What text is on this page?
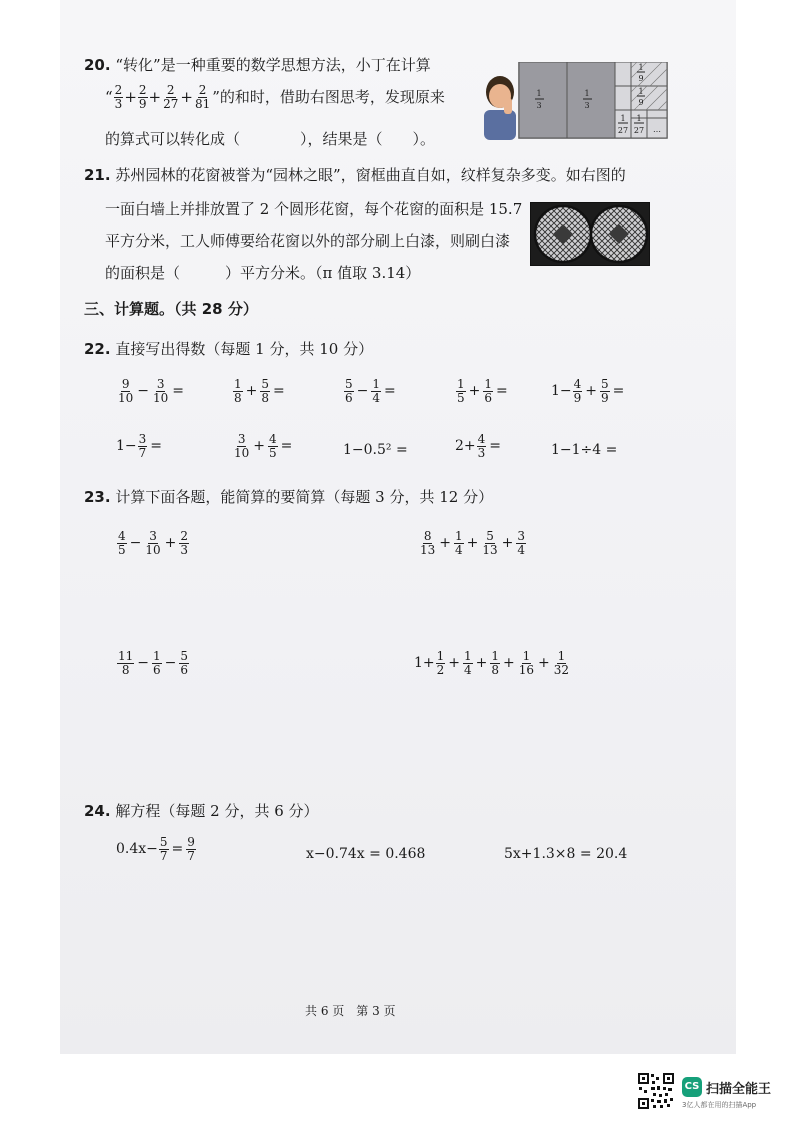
20. “转化”是一种重要的数学思想方法，小丁在计算
“ $\frac{2}{3} + \frac{2}{9} + \frac{2}{27} + \frac{2}{81}$ ”的和时，借助右图思考，发现原来
的算式可以转化成（　　　　），结果是（　　）。
1
3
1
3
1
9
1
9
1
27
1
27 …
21. 苏州园林的花窗被誉为“园林之眼”，窗框曲直自如，纹样复杂多变。如右图的
一面白墙上并排放置了 2 个圆形花窗，每个花窗的面积是 15.7
平方分米，工人师傅要给花窗以外的部分刷上白漆，则刷白漆
的面积是（　　　）平方分米。（π 值取 3.14）
三、计算题。（共 28 分）
22. 直接写出得数（每题 1 分，共 10 分）
$\frac{9}{10} - \frac{3}{10}$ =	$\frac{1}{8} + \frac{5}{8}$ =	$\frac{5}{6} - \frac{1}{4}$ =	$\frac{1}{5} + \frac{1}{6}$ =	$1- \frac{4}{9} + \frac{5}{9}$ =
$1- \frac{3}{7}$ =	$\frac{3}{10} + \frac{4}{5}$ =	1−0.5² =	$2+ \frac{4}{3}$ =	1−1÷4 =
23. 计算下面各题，能简算的要简算（每题 3 分，共 12 分）
$\frac{4}{5} - \frac{3}{10} + \frac{2}{3}$	$\frac{8}{13} + \frac{1}{4} + \frac{5}{13} + \frac{3}{4}$
$\frac{11}{8} - \frac{1}{6} - \frac{5}{6}$	$1+ \frac{1}{2} + \frac{1}{4} + \frac{1}{8} + \frac{1}{16} + \frac{1}{32}$
24. 解方程（每题 2 分，共 6 分）
$0.4x- \frac{5}{7} = \frac{9}{7}$	x−0.74x = 0.468	5x+1.3×8 = 20.4
共 6 页　第 3 页
CS 扫描全能王
3亿人都在用的扫描App
